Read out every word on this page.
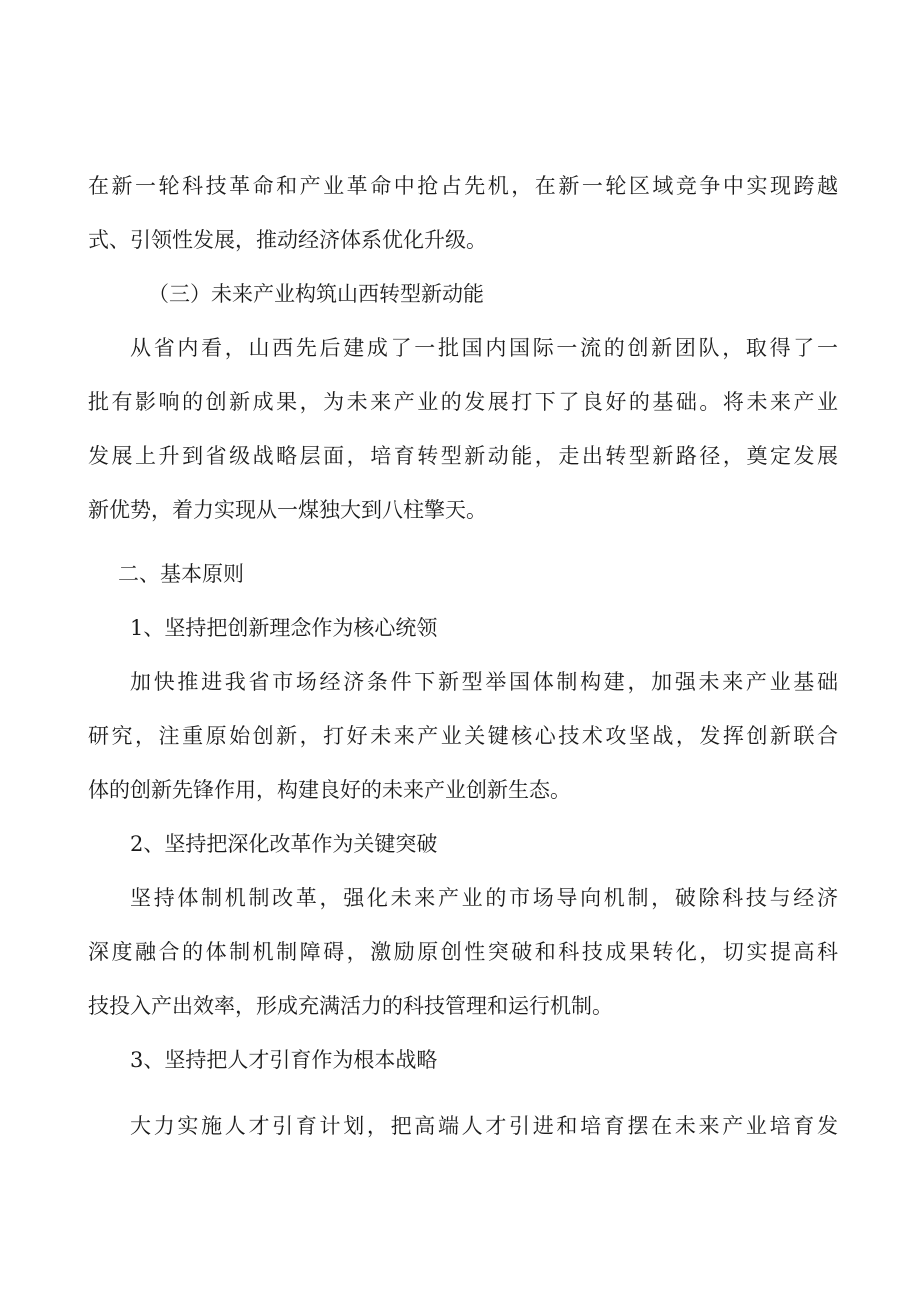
在新一轮科技革命和产业革命中抢占先机，在新一轮区域竞争中实现跨越
式、引领性发展，推动经济体系优化升级。
（三）未来产业构筑山西转型新动能
从省内看，山西先后建成了一批国内国际一流的创新团队，取得了一
批有影响的创新成果，为未来产业的发展打下了良好的基础。将未来产业
发展上升到省级战略层面，培育转型新动能，走出转型新路径，奠定发展
新优势，着力实现从一煤独大到八柱擎天。
二、基本原则
1、坚持把创新理念作为核心统领
加快推进我省市场经济条件下新型举国体制构建，加强未来产业基础
研究，注重原始创新，打好未来产业关键核心技术攻坚战，发挥创新联合
体的创新先锋作用，构建良好的未来产业创新生态。
2、坚持把深化改革作为关键突破
坚持体制机制改革，强化未来产业的市场导向机制，破除科技与经济
深度融合的体制机制障碍，激励原创性突破和科技成果转化，切实提高科
技投入产出效率，形成充满活力的科技管理和运行机制。
3、坚持把人才引育作为根本战略
大力实施人才引育计划，把高端人才引进和培育摆在未来产业培育发
